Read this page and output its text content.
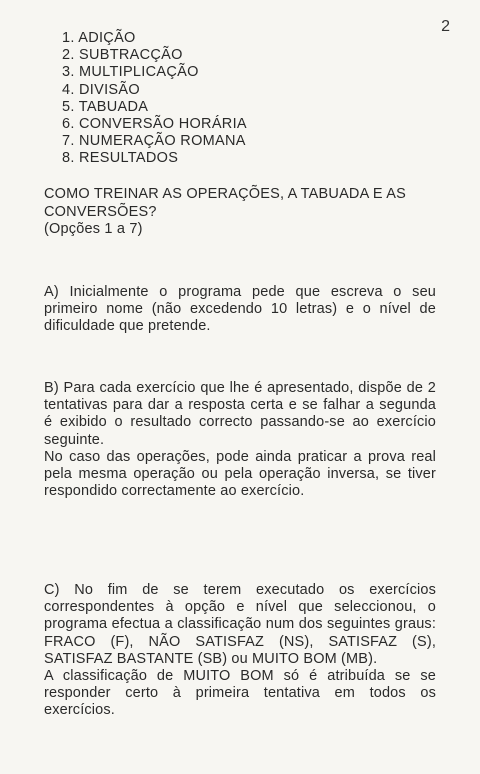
2
1. ADIÇÃO
2. SUBTRACÇÃO
3. MULTIPLICAÇÃO
4. DIVISÃO
5. TABUADA
6. CONVERSÃO HORÁRIA
7. NUMERAÇÃO ROMANA
8. RESULTADOS
COMO TREINAR AS OPERAÇÕES, A TABUADA E AS CONVERSÕES?
(Opções 1 a 7)

A) Inicialmente o programa pede que escreva o seu primeiro nome (não excedendo 10 letras) e o nível de dificuldade que pretende.

B) Para cada exercício que lhe é apresentado, dispõe de 2 tentativas para dar a resposta certa e se falhar a segunda é exibido o resultado correcto passando-se ao exercício seguinte.

No caso das operações, pode ainda praticar a prova real pela mesma operação ou pela operação inversa, se tiver respondido correctamente ao exercício.

C) No fim de se terem executado os exercícios correspondentes à opção e nível que seleccionou, o programa efectua a classificação num dos seguintes graus: FRACO (F), NÃO SATISFAZ (NS), SATISFAZ (S), SATISFAZ BASTANTE (SB) ou MUITO BOM (MB).

A classificação de MUITO BOM só é atribuída se se responder certo à primeira tentativa em todos os exercícios.
